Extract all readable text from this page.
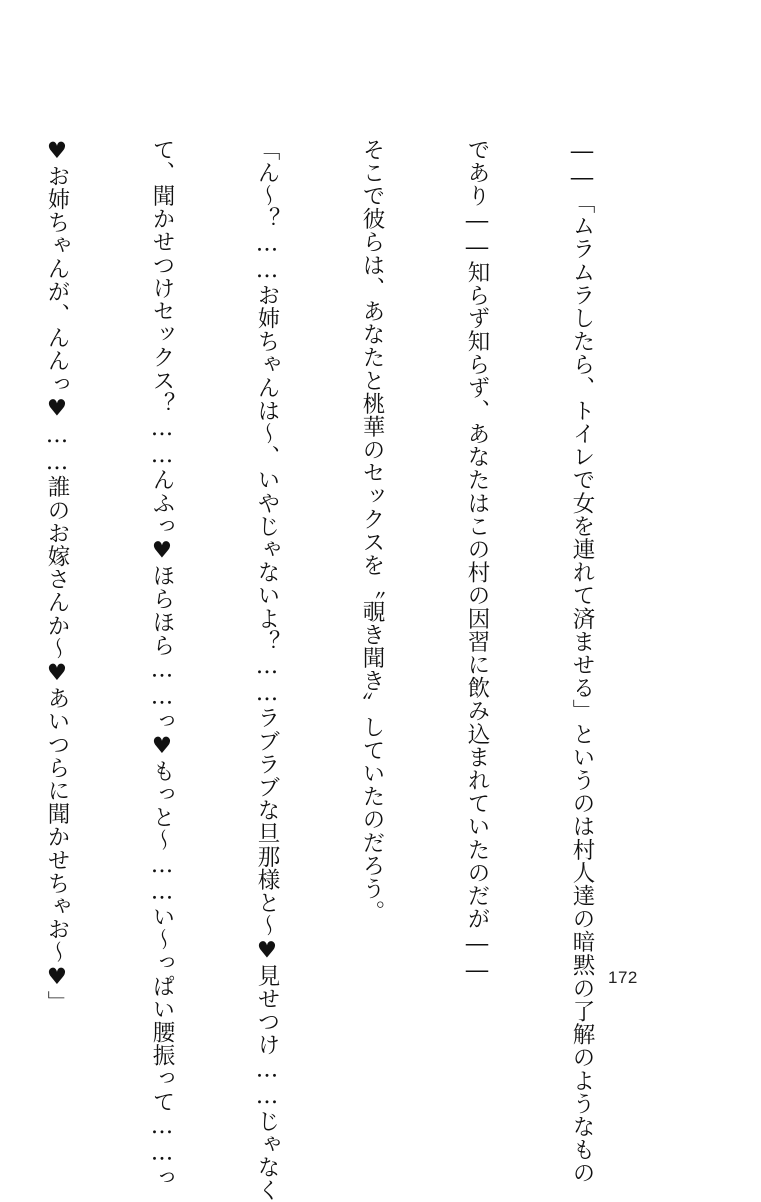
――「ムラムラしたら、トイレで女を連れて済ませる」というのは村人達の暗黙の了解のようなもの

であり――知らず知らず、あなたはこの村の因習に飲み込まれていたのだが――

そこで彼らは、あなたと桃華のセックスを〝覗き聞き〟していたのだろう。

「ん～？……お姉ちゃんは～、いやじゃないよ？……ラブラブな旦那様と～♥見せつけ……じゃなく

て、聞かせつけセックス？……んふっ♥ほらほら……っ♥もっと～……い～っぱい腰振って……っ

♥お姉ちゃんが、んんっ♥……誰のお嫁さんか～♥あいつらに聞かせちゃお～♥」

	172
